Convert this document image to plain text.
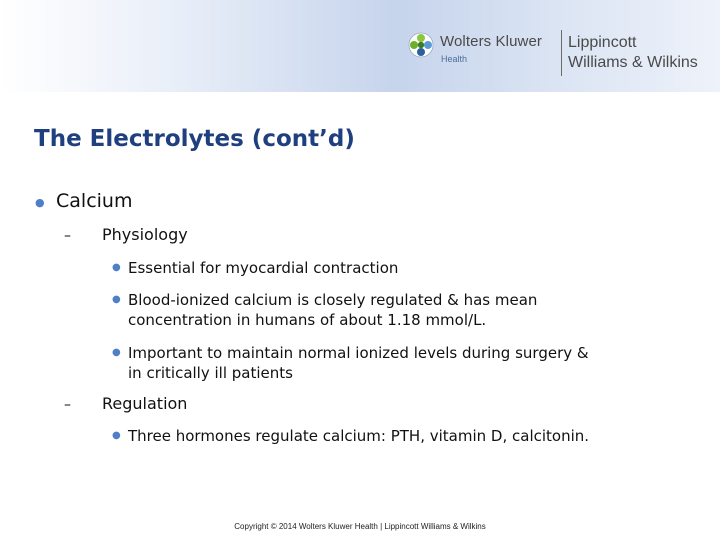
Wolters Kluwer
Health
Lippincott
Williams & Wilkins
The Electrolytes (cont’d)
● Calcium
– Physiology
● Essential for myocardial contraction
● Blood-ionized calcium is closely regulated & has mean
concentration in humans of about 1.18 mmol/L.
● Important to maintain normal ionized levels during surgery &
in critically ill patients
– Regulation
● Three hormones regulate calcium: PTH, vitamin D, calcitonin.
Copyright © 2014 Wolters Kluwer Health | Lippincott Williams & Wilkins
